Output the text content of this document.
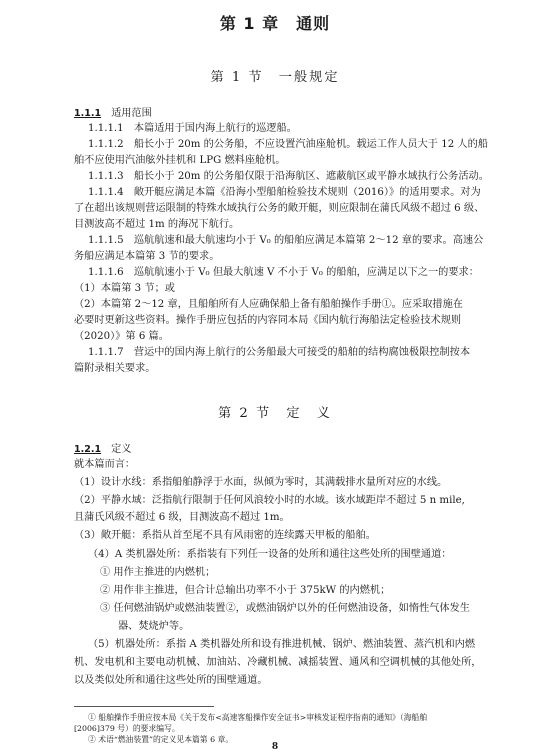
第 1 章　通则
第 1 节　一般规定
1.1.1 适用范围
1.1.1.1　本篇适用于国内海上航行的巡逻船。
1.1.1.2　船长小于 20m 的公务船，不应设置汽油座舱机。载运工作人员大于 12 人的船
舶不应使用汽油舷外挂机和 LPG 燃料座舱机。
1.1.1.3　船长小于 20m 的公务船仅限于沿海航区、遮蔽航区或平静水域执行公务活动。
1.1.1.4　敞开艇应满足本篇《沿海小型船舶检验技术规则（2016）》的适用要求。对为
了在超出该规则营运限制的特殊水域执行公务的敞开艇，则应限制在蒲氏风级不超过 6 级、
目测波高不超过 1m 的海况下航行。
1.1.1.5　巡航航速和最大航速均小于 V₀ 的船舶应满足本篇第 2～12 章的要求。高速公
务船应满足本篇第 3 节的要求。
1.1.1.6　巡航航速小于 V₀ 但最大航速 V 不小于 V₀ 的船舶，应满足以下之一的要求：
（1）本篇第 3 节；或
（2）本篇第 2～12 章，且船舶所有人应确保船上备有船舶操作手册①。应采取措施在
必要时更新这些资料。操作手册应包括的内容同本局《国内航行海船法定检验技术规则
（2020）》第 6 篇。
1.1.1.7　营运中的国内海上航行的公务船最大可接受的船舶的结构腐蚀极限控制按本
篇附录相关要求。
第 2 节　定　义
1.2.1 定义
就本篇而言：
（1）设计水线：系指船舶静浮于水面，纵倾为零时，其满载排水量所对应的水线。
（2）平静水域：泛指航行限制于任何风浪较小时的水域。该水域距岸不超过 5 n mile,
且蒲氏风级不超过 6 级，目测波高不超过 1m。
（3）敞开艇：系指从首至尾不具有风雨密的连续露天甲板的船舶。
（4）A 类机器处所：系指装有下列任一设备的处所和通往这些处所的围壁通道：
① 用作主推进的内燃机；
② 用作非主推进，但合计总输出功率不小于 375kW 的内燃机；
③ 任何燃油锅炉或燃油装置②，或燃油锅炉以外的任何燃油设备，如惰性气体发生
器、焚烧炉等。
（5）机器处所：系指 A 类机器处所和设有推进机械、锅炉、燃油装置、蒸汽机和内燃
机、发电机和主要电动机械、加油站、冷藏机械、减摇装置、通风和空调机械的其他处所，
以及类似处所和通往这些处所的围壁通道。
① 船舶操作手册应按本局《关于发布<高速客船操作安全证书>审核发证程序指南的通知》（海船舶
[2006]379 号）的要求编写。
② 术语“燃油装置”的定义见本篇第 6 章。
8
